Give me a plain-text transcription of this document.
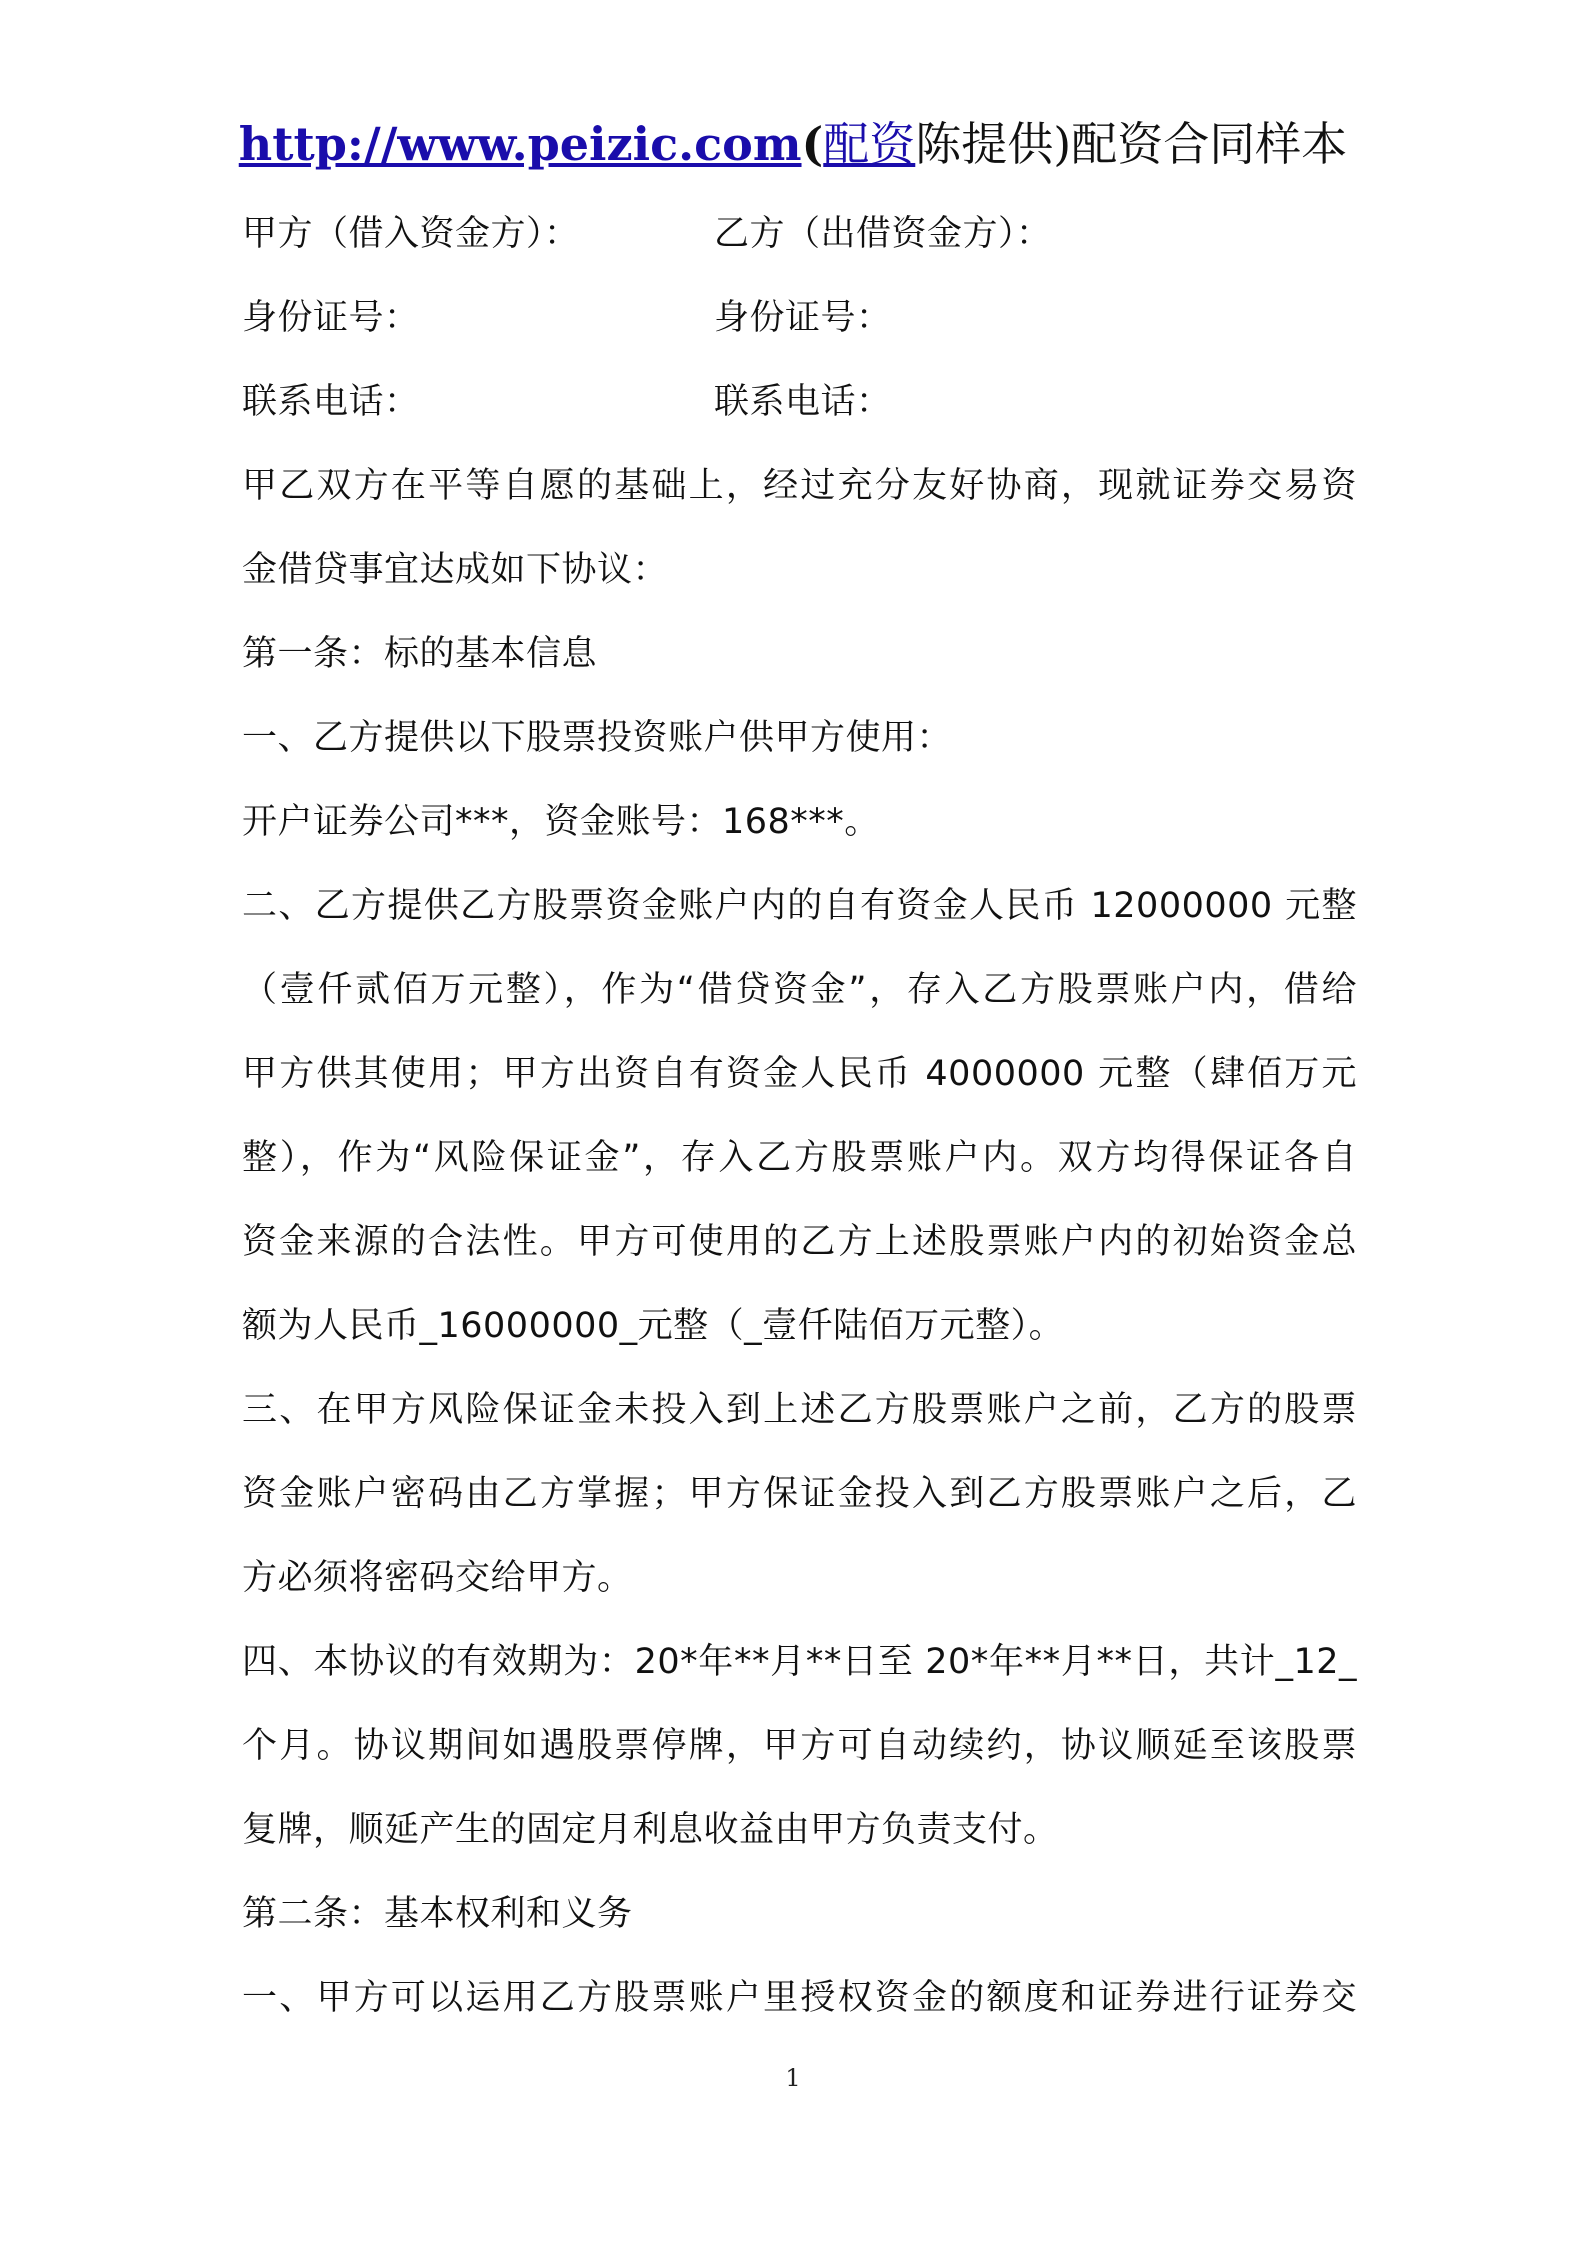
http://www.peizic.com(配资陈提供)配资合同样本
甲方（借入资金方）：	乙方（出借资金方）：
身份证号：	身份证号：
联系电话：	联系电话：
甲乙双方在平等自愿的基础上，经过充分友好协商，现就证券交易资
金借贷事宜达成如下协议：
第一条：标的基本信息
一、乙方提供以下股票投资账户供甲方使用：
开户证券公司***，资金账号：168***。
二、乙方提供乙方股票资金账户内的自有资金人民币 12000000 元整
（壹仟贰佰万元整），作为“借贷资金”，存入乙方股票账户内，借给
甲方供其使用；甲方出资自有资金人民币 4000000 元整（肆佰万元
整），作为“风险保证金”，存入乙方股票账户内。双方均得保证各自
资金来源的合法性。甲方可使用的乙方上述股票账户内的初始资金总
额为人民币_16000000_元整（_壹仟陆佰万元整）。
三、在甲方风险保证金未投入到上述乙方股票账户之前，乙方的股票
资金账户密码由乙方掌握；甲方保证金投入到乙方股票账户之后，乙
方必须将密码交给甲方。
四、本协议的有效期为：20*年**月**日至 20*年**月**日，共计_12_
个月。协议期间如遇股票停牌，甲方可自动续约，协议顺延至该股票
复牌，顺延产生的固定月利息收益由甲方负责支付。
第二条：基本权利和义务
一、甲方可以运用乙方股票账户里授权资金的额度和证券进行证券交
1
